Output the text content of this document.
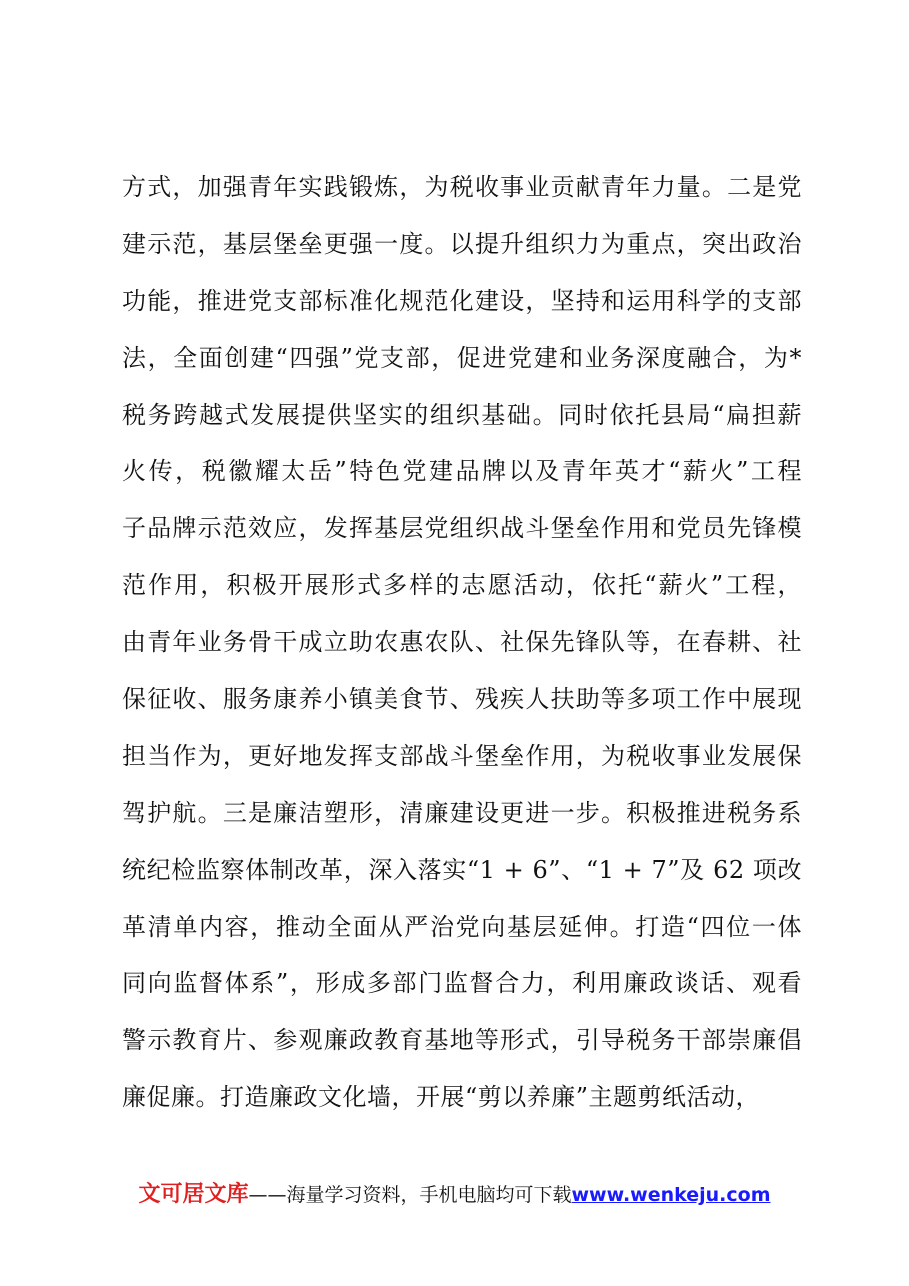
方式，加强青年实践锻炼，为税收事业贡献青年力量。二是党
建示范，基层堡垒更强一度。以提升组织力为重点，突出政治
功能，推进党支部标准化规范化建设，坚持和运用科学的支部
法，全面创建“四强”党支部，促进党建和业务深度融合，为*
税务跨越式发展提供坚实的组织基础。同时依托县局“扁担薪
火传，税徽耀太岳”特色党建品牌以及青年英才“薪火”工程
子品牌示范效应，发挥基层党组织战斗堡垒作用和党员先锋模
范作用，积极开展形式多样的志愿活动，依托“薪火”工程，
由青年业务骨干成立助农惠农队、社保先锋队等，在春耕、社
保征收、服务康养小镇美食节、残疾人扶助等多项工作中展现
担当作为，更好地发挥支部战斗堡垒作用，为税收事业发展保
驾护航。三是廉洁塑形，清廉建设更进一步。积极推进税务系
统纪检监察体制改革，深入落实“1 + 6”、“1 + 7”及 62 项改
革清单内容，推动全面从严治党向基层延伸。打造“四位一体
同向监督体系”，形成多部门监督合力，利用廉政谈话、观看
警示教育片、参观廉政教育基地等形式，引导税务干部崇廉倡
廉促廉。打造廉政文化墙，开展“剪以养廉”主题剪纸活动，
文可居文库——海量学习资料，手机电脑均可下载www.wenkeju.com
